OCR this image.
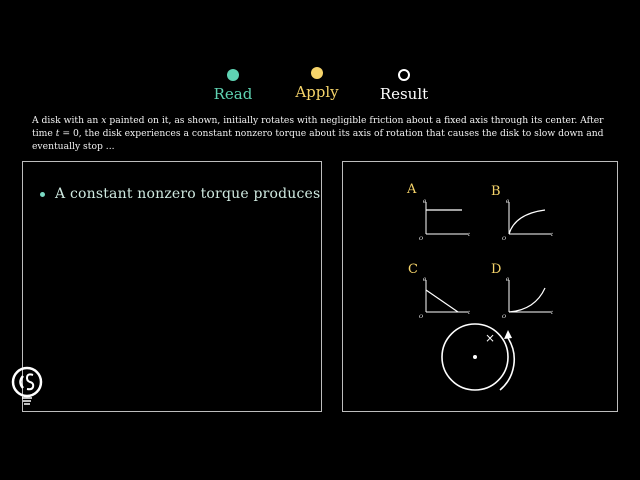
Read	Apply	Result
A disk with an x painted on it, as shown, initially rotates with negligible friction about a fixed axis through its center. After time t = 0, the disk experiences a constant nonzero torque about its axis of rotation that causes the disk to slow down and eventually stop ...
A constant nonzero torque produces	A	B
C	D
θ
t
O
θ
t
O
θ
t
O
θ
t
O
×
